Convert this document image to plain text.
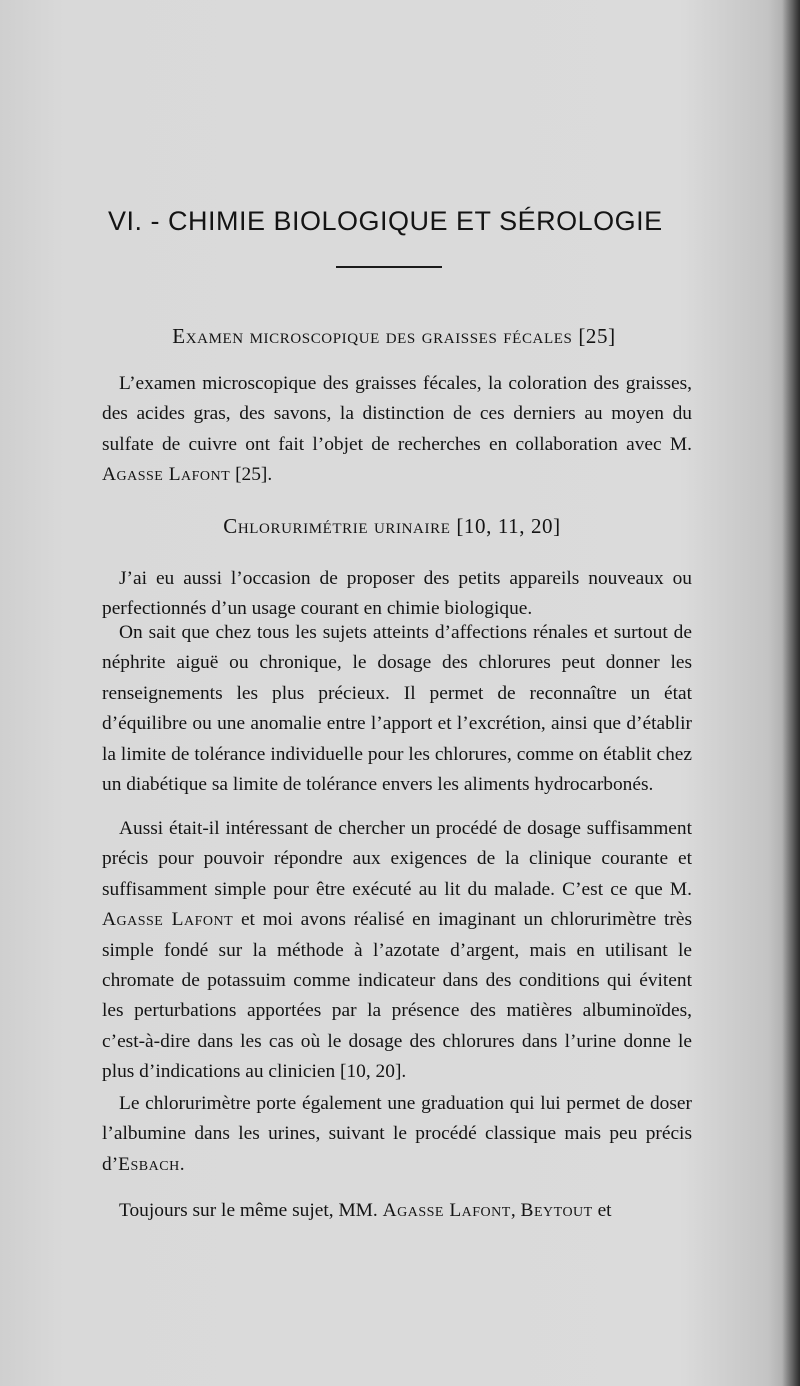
VI. - CHIMIE BIOLOGIQUE ET SÉROLOGIE
Examen microscopique des graisses fécales [25]

L’examen microscopique des graisses fécales, la coloration des graisses, des acides gras, des savons, la distinction de ces derniers au moyen du sulfate de cuivre ont fait l’objet de recherches en collaboration avec M. Agasse Lafont [25].

Chlorurimétrie urinaire [10, 11, 20]

J’ai eu aussi l’occasion de proposer des petits appareils nouveaux ou perfectionnés d’un usage courant en chimie biologique.

On sait que chez tous les sujets atteints d’affections rénales et surtout de néphrite aiguë ou chronique, le dosage des chlorures peut donner les renseignements les plus précieux. Il permet de reconnaître un état d’équilibre ou une anomalie entre l’apport et l’excrétion, ainsi que d’établir la limite de tolérance individuelle pour les chlorures, comme on établit chez un diabétique sa limite de tolérance envers les aliments hydrocarbonés.

Aussi était-il intéressant de chercher un procédé de dosage suffisamment précis pour pouvoir répondre aux exigences de la clinique courante et suffisamment simple pour être exécuté au lit du malade. C’est ce que M. Agasse Lafont et moi avons réalisé en imaginant un chlorurimètre très simple fondé sur la méthode à l’azotate d’argent, mais en utilisant le chromate de potassuim comme indicateur dans des conditions qui évitent les perturbations apportées par la présence des matières albuminoïdes, c’est-à-dire dans les cas où le dosage des chlorures dans l’urine donne le plus d’indications au clinicien [10, 20].

Le chlorurimètre porte également une graduation qui lui permet de doser l’albumine dans les urines, suivant le procédé classique mais peu précis d’Esbach.

Toujours sur le même sujet, MM. Agasse Lafont, Beytout et
